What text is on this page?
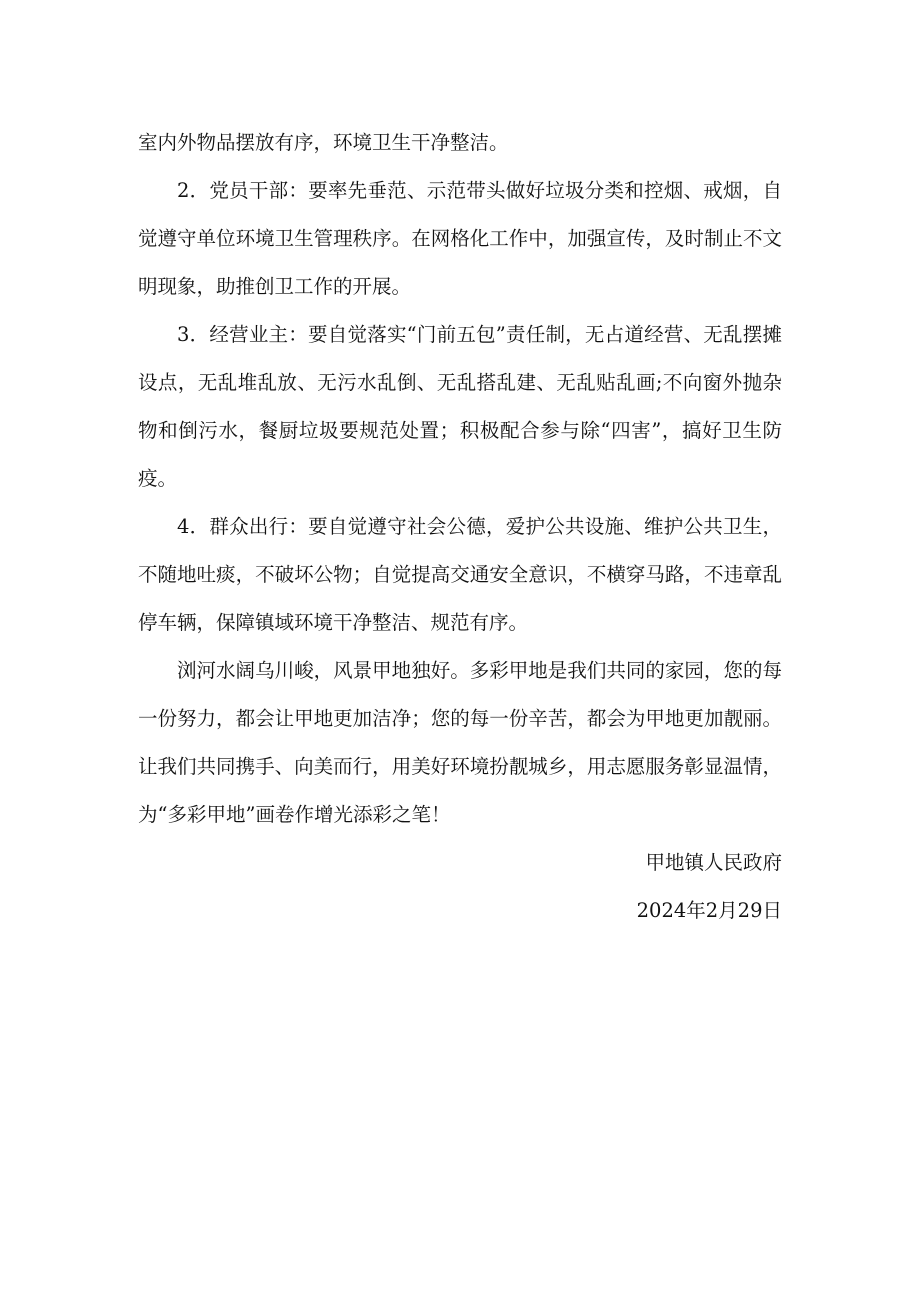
室内外物品摆放有序，环境卫生干净整洁。

2．党员干部：要率先垂范、示范带头做好垃圾分类和控烟、戒烟，自觉遵守单位环境卫生管理秩序。在网格化工作中，加强宣传，及时制止不文明现象，助推创卫工作的开展。

3．经营业主：要自觉落实“门前五包”责任制，无占道经营、无乱摆摊设点，无乱堆乱放、无污水乱倒、无乱搭乱建、无乱贴乱画;不向窗外抛杂物和倒污水，餐厨垃圾要规范处置；积极配合参与除“四害”，搞好卫生防疫。

4．群众出行：要自觉遵守社会公德，爱护公共设施、维护公共卫生，不随地吐痰，不破坏公物；自觉提高交通安全意识，不横穿马路，不违章乱停车辆，保障镇域环境干净整洁、规范有序。

浏河水阔乌川峻，风景甲地独好。多彩甲地是我们共同的家园，您的每一份努力，都会让甲地更加洁净；您的每一份辛苦，都会为甲地更加靓丽。让我们共同携手、向美而行，用美好环境扮靓城乡，用志愿服务彰显温情，为“多彩甲地”画卷作增光添彩之笔！

甲地镇人民政府

2024年2月29日
